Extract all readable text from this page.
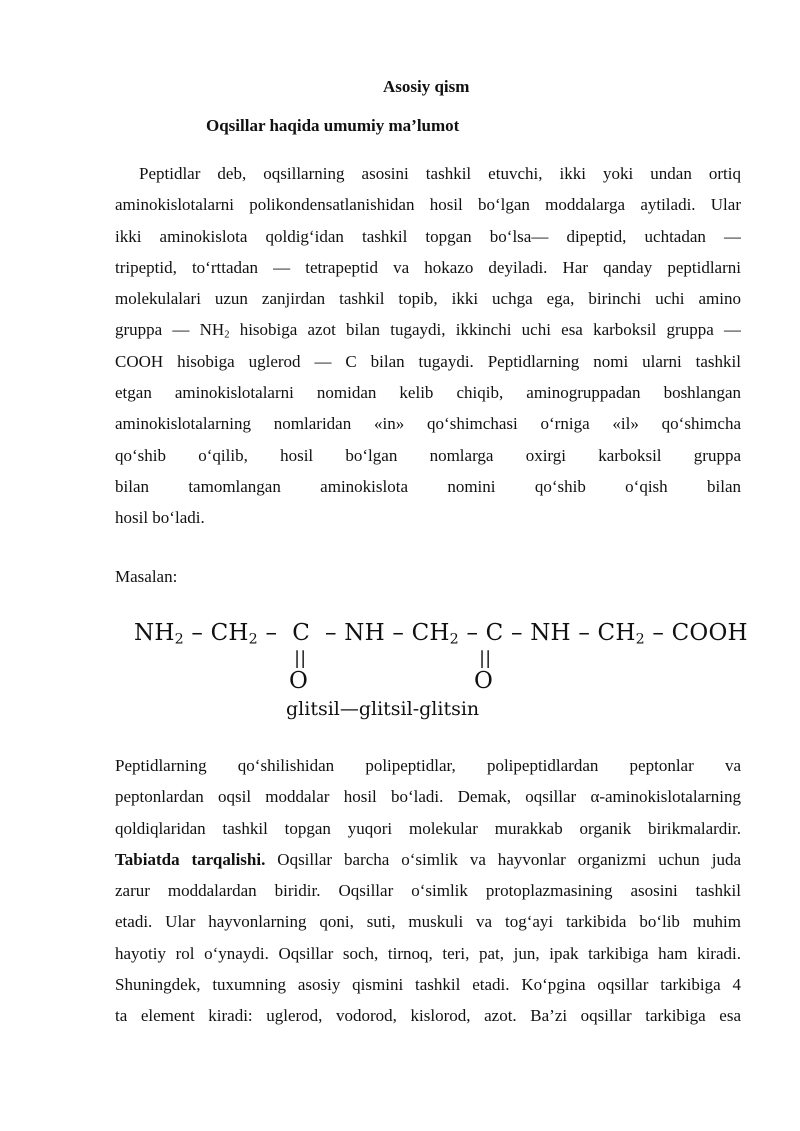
Asosiy qism
Oqsillar haqida umumiy ma’lumot
Peptidlar deb, oqsillarning asosini tashkil etuvchi, ikki yoki undan ortiq
aminokislotalarni polikondensatlanishidan hosil bo‘lgan moddalarga aytiladi. Ular
ikki aminokislota qoldig‘idan tashkil topgan bo‘lsa— dipeptid, uchtadan —
tripeptid, to‘rttadan — tetrapeptid va hokazo deyiladi. Har qanday peptidlarni
molekulalari uzun zanjirdan tashkil topib, ikki uchga ega, birinchi uchi amino
gruppa — $NH_2$ hisobiga azot bilan tugaydi, ikkinchi uchi esa karboksil gruppa —
COOH hisobiga uglerod — C bilan tugaydi. Peptidlarning nomi ularni tashkil
etgan aminokislotalarni nomidan kelib chiqib, aminogruppadan boshlangan
aminokislotalarning nomlaridan «in» qo‘shimchasi o‘rniga «il» qo‘shimcha
qo‘shib o‘qilib, hosil bo‘lgan nomlarga oxirgi karboksil gruppa
bilan tamomlangan aminokislota nomini qo‘shib o‘qish bilan
hosil bo‘ladi.
Masalan:
$NH_2 - CH_2$ –  C  – NH – $CH_2$ – C – NH – $CH_2$ – COOH
||
O
||
O
glitsil—glitsil-glitsin
Peptidlarning qo‘shilishidan polipeptidlar, polipeptidlardan peptonlar va
peptonlardan oqsil moddalar hosil bo‘ladi. Demak, oqsillar α-aminokislotalarning
qoldiqlaridan tashkil topgan yuqori molekular murakkab organik birikmalardir.
Tabiatda tarqalishi. Oqsillar barcha o‘simlik va hayvonlar organizmi uchun juda
zarur moddalardan biridir. Oqsillar o‘simlik protoplazmasining asosini tashkil
etadi. Ular hayvonlarning qoni, suti, muskuli va tog‘ayi tarkibida bo‘lib muhim
hayotiy rol o‘ynaydi. Oqsillar soch, tirnoq, teri, pat, jun, ipak tarkibiga ham kiradi.
Shuningdek, tuxumning asosiy qismini tashkil etadi. Ko‘pgina oqsillar tarkibiga 4
ta element kiradi: uglerod, vodorod, kislorod, azot. Ba’zi oqsillar tarkibiga esa
